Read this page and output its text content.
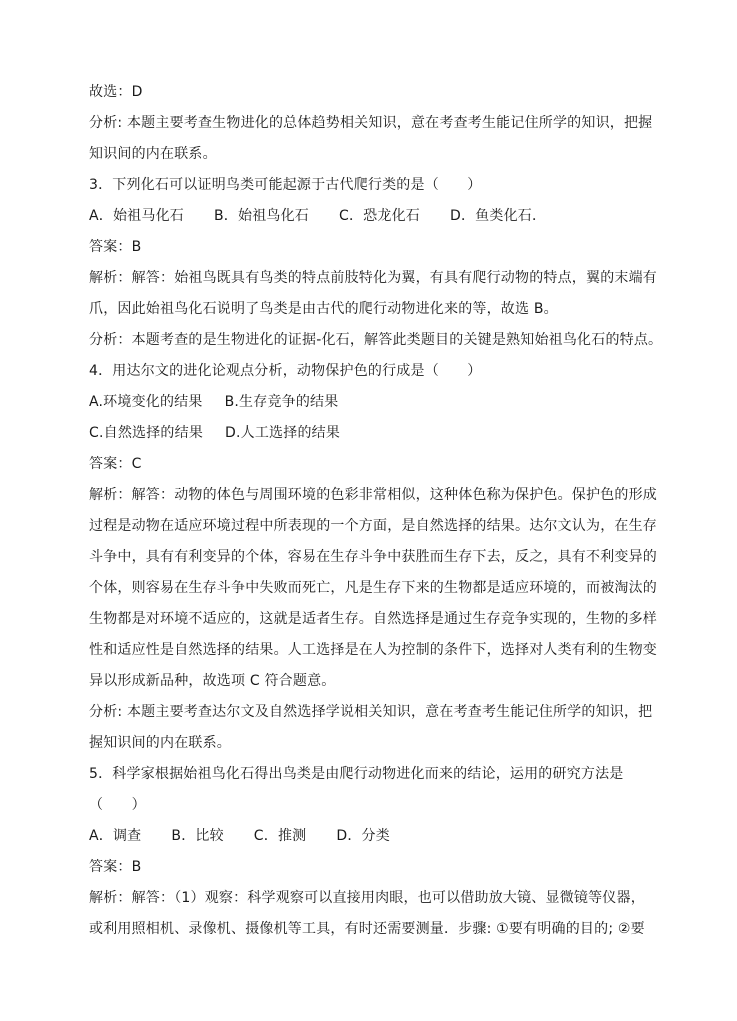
故选：D
分析: 本题主要考查生物进化的总体趋势相关知识，意在考查考生能记住所学的知识，把握
知识间的内在联系。
3．下列化石可以证明鸟类可能起源于古代爬行类的是（　　）
A．始祖马化石 B．始祖鸟化石 C．恐龙化石 D．鱼类化石．
答案：B
解析：解答：始祖鸟既具有鸟类的特点前肢特化为翼，有具有爬行动物的特点，翼的末端有
爪，因此始祖鸟化石说明了鸟类是由古代的爬行动物进化来的等，故选 B。
分析：本题考查的是生物进化的证据-化石，解答此类题目的关键是熟知始祖鸟化石的特点。
4．用达尔文的进化论观点分析，动物保护色的行成是（　　）
A.环境变化的结果 B.生存竞争的结果
C.自然选择的结果 D.人工选择的结果
答案：C
解析：解答：动物的体色与周围环境的色彩非常相似，这种体色称为保护色。保护色的形成
过程是动物在适应环境过程中所表现的一个方面，是自然选择的结果。达尔文认为，在生存
斗争中，具有有利变异的个体，容易在生存斗争中获胜而生存下去，反之，具有不利变异的
个体，则容易在生存斗争中失败而死亡，凡是生存下来的生物都是适应环境的，而被淘汰的
生物都是对环境不适应的，这就是适者生存。自然选择是通过生存竞争实现的，生物的多样
性和适应性是自然选择的结果。人工选择是在人为控制的条件下，选择对人类有利的生物变
异以形成新品种，故选项 C 符合题意。
分析: 本题主要考查达尔文及自然选择学说相关知识，意在考查考生能记住所学的知识，把
握知识间的内在联系。
5．科学家根据始祖鸟化石得出鸟类是由爬行动物进化而来的结论，运用的研究方法是
（　　）
A．调查 B．比较 C．推测 D．分类
答案：B
解析：解答：（1）观察：科学观察可以直接用肉眼，也可以借助放大镜、显微镜等仪器，
或利用照相机、录像机、摄像机等工具，有时还需要测量．步骤: ①要有明确的目的; ②要
